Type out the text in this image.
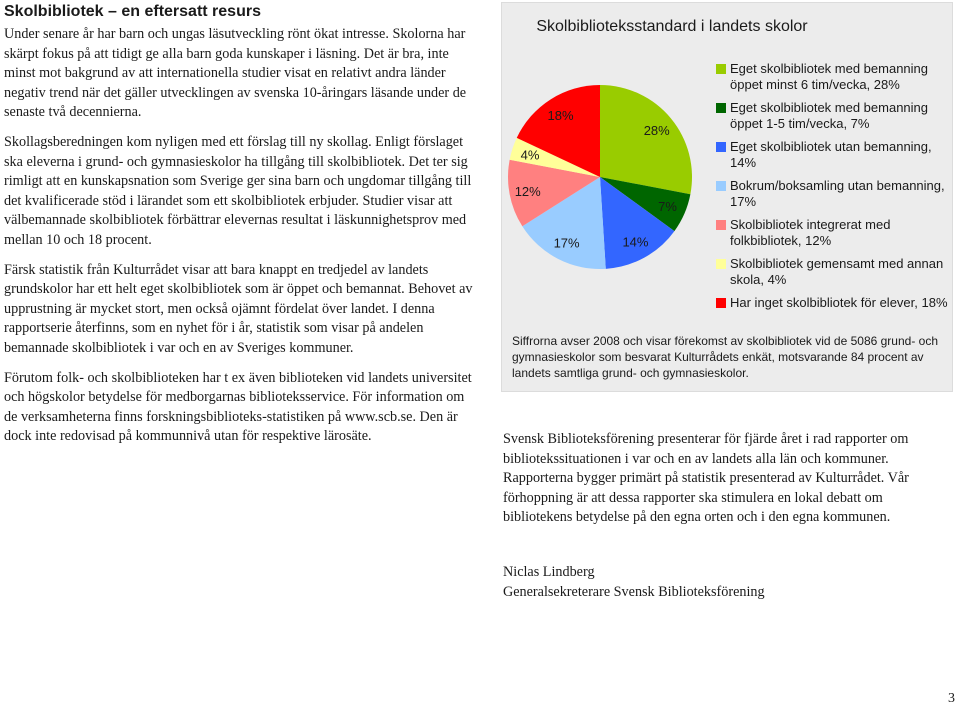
Skolbibliotek – en eftersatt resurs

Under senare år har barn och ungas läsutveckling rönt ökat intresse. Skolorna har skärpt fokus på att tidigt ge alla barn goda kunskaper i läsning. Det är bra, inte minst mot bakgrund av att internationella studier visat en relativt andra länder negativ trend när det gäller utvecklingen av svenska 10-åringars läsande under de senaste två decennierna.

Skollagsberedningen kom nyligen med ett förslag till ny skollag. Enligt förslaget ska eleverna i grund- och gymnasieskolor ha tillgång till skolbibliotek. Det ter sig rimligt att en kunskapsnation som Sverige ger sina barn och ungdomar tillgång till det kvalificerade stöd i lärandet som ett skolbibliotek erbjuder. Studier visar att välbemannade skolbibliotek förbättrar elevernas resultat i läskunnighetsprov med mellan 10 och 18 procent.

Färsk statistik från Kulturrådet visar att bara knappt en tredjedel av landets grundskolor har ett helt eget skolbibliotek som är öppet och bemannat. Behovet av upprustning är mycket stort, men också ojämnt fördelat över landet. I denna rapportserie återfinns, som en nyhet för i år, statistik som visar på andelen bemannade skolbibliotek i var och en av Sveriges kommuner.

Förutom folk- och skolbiblioteken har t ex även biblioteken vid landets universitet och högskolor betydelse för medborgarnas biblioteksservice. För information om de verksamheterna finns forskningsbiblioteks-statistiken på www.scb.se. Den är dock inte redovisad på kommunnivå utan för respektive lärosäte.

Skolbiblioteksstandard i landets skolor
28%
7%
14%
17%
12%
4%
18%
Eget skolbibliotek med bemanning öppet minst 6 tim/vecka, 28%
Eget skolbibliotek med bemanning öppet 1-5 tim/vecka, 7%
Eget skolbibliotek utan bemanning, 14%
Bokrum/boksamling utan bemanning, 17%
Skolbibliotek integrerat med folkbibliotek, 12%
Skolbibliotek gemensamt med annan skola, 4%
Har inget skolbibliotek för elever, 18%
Siffrorna avser 2008 och visar förekomst av skolbibliotek vid de 5086 grund- och gymnasieskolor som besvarat Kulturrådets enkät, motsvarande 84 procent av landets samtliga grund- och gymnasieskolor.

Svensk Biblioteksförening presenterar för fjärde året i rad rapporter om bibliotekssituationen i var och en av landets alla län och kommuner. Rapporterna bygger primärt på statistik presenterad av Kulturrådet. Vår förhoppning är att dessa rapporter ska stimulera en lokal debatt om bibliotekens betydelse på den egna orten och i den egna kommunen.

Niclas Lindberg
Generalsekreterare Svensk Biblioteksförening
3
